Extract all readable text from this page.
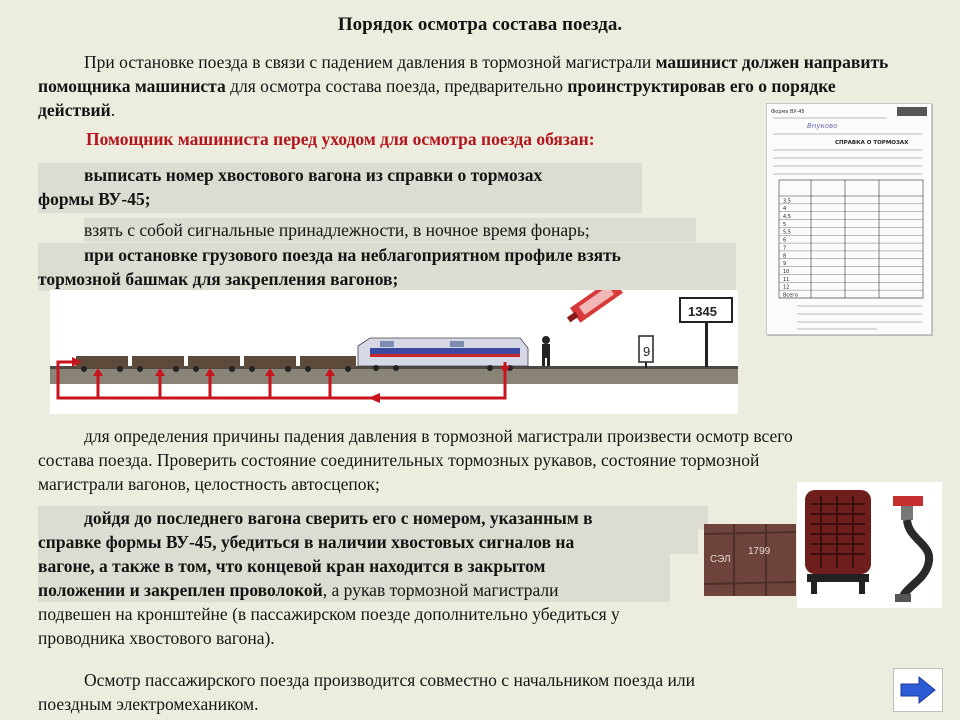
Порядок осмотра состава поезда.
При остановке поезда в связи с падением давления в тормозной магистрали машинист должен направить помощника машиниста для осмотра состава поезда, предварительно проинструктировав его о порядке действий.
Помощник машиниста перед уходом для осмотра поезда обязан:
выписать номер хвостового вагона из справки о тормозах
формы ВУ-45;
взять с собой сигнальные принадлежности, в ночное время фонарь;
при остановке грузового поезда на неблагоприятном профиле взять
тормозной башмак для закрепления вагонов;
Форма ВУ-45
Внуково
СПРАВКА О ТОРМОЗАХ
3,5
4
4,5
5
5,5
6
7
8
9
10
11
12
Всего
9
1345
для определения причины падения давления в тормозной магистрали произвести осмотр всего
состава поезда. Проверить состояние соединительных тормозных рукавов, состояние тормозной
магистрали вагонов, целостность автосцепок;
дойдя до последнего вагона сверить его с номером, указанным в
справке формы ВУ-45, убедиться в наличии хвостовых сигналов на
вагоне, а также в том, что концевой кран находится в закрытом
положении и закреплен проволокой, а рукав тормозной магистрали
подвешен на кронштейне (в пассажирском поезде дополнительно убедиться у
проводника хвостового вагона).
СЭЛ
1799
Осмотр пассажирского поезда производится совместно с начальником поезда или
поездным электромехаником.
